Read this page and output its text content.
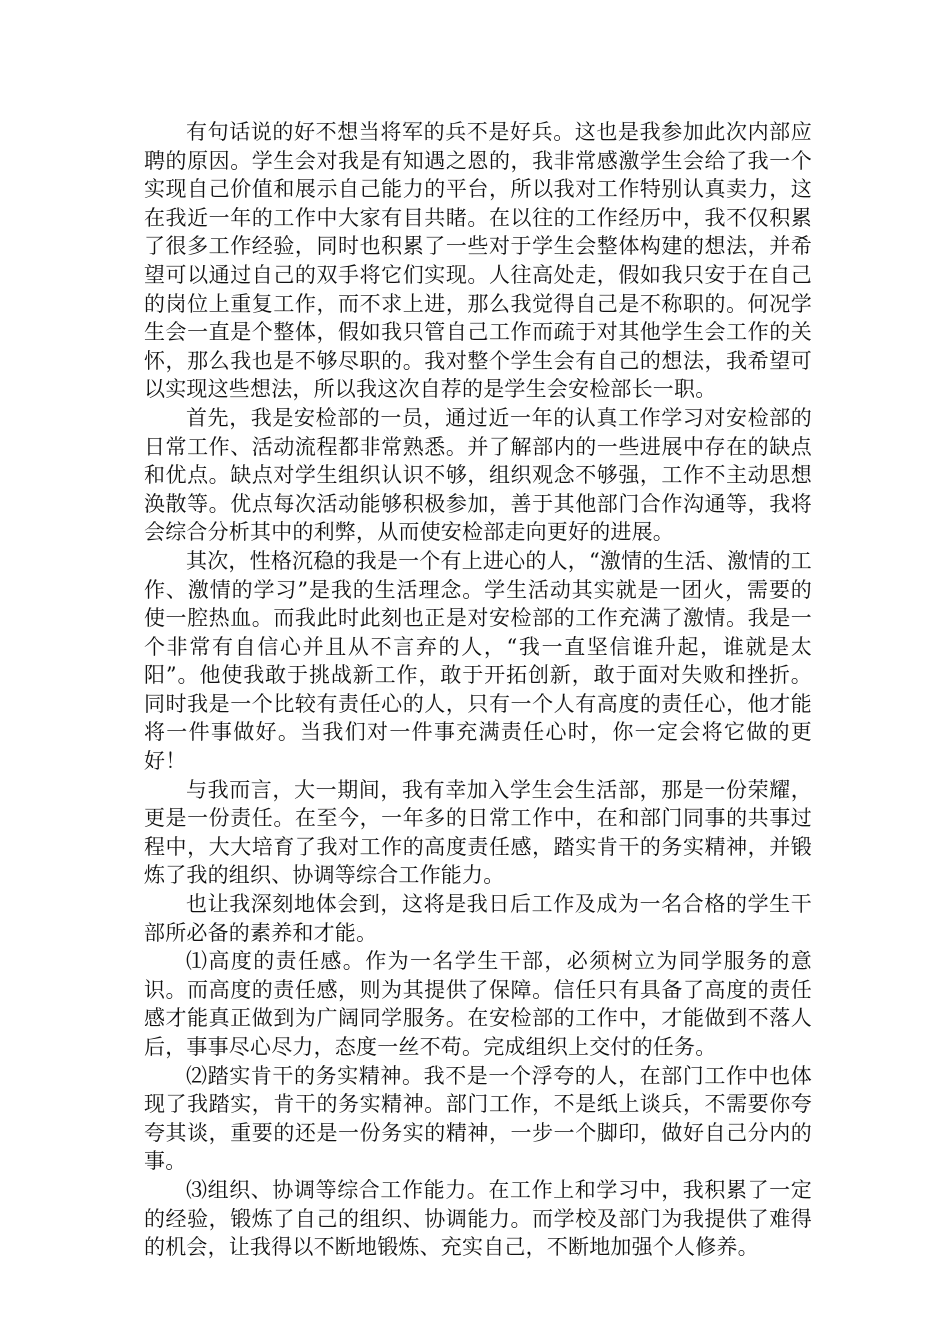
有句话说的好不想当将军的兵不是好兵。这也是我参加此次内部应聘的原因。学生会对我是有知遇之恩的，我非常感激学生会给了我一个实现自己价值和展示自己能力的平台，所以我对工作特别认真卖力，这在我近一年的工作中大家有目共睹。在以往的工作经历中，我不仅积累了很多工作经验，同时也积累了一些对于学生会整体构建的想法，并希望可以通过自己的双手将它们实现。人往高处走，假如我只安于在自己的岗位上重复工作，而不求上进，那么我觉得自己是不称职的。何况学生会一直是个整体，假如我只管自己工作而疏于对其他学生会工作的关怀，那么我也是不够尽职的。我对整个学生会有自己的想法，我希望可以实现这些想法，所以我这次自荐的是学生会安检部长一职。

首先，我是安检部的一员，通过近一年的认真工作学习对安检部的日常工作、活动流程都非常熟悉。并了解部内的一些进展中存在的缺点和优点。缺点对学生组织认识不够，组织观念不够强，工作不主动思想涣散等。优点每次活动能够积极参加，善于其他部门合作沟通等，我将会综合分析其中的利弊，从而使安检部走向更好的进展。

其次，性格沉稳的我是一个有上进心的人，“激情的生活、激情的工作、激情的学习”是我的生活理念。学生活动其实就是一团火，需要的使一腔热血。而我此时此刻也正是对安检部的工作充满了激情。我是一个非常有自信心并且从不言弃的人，“我一直坚信谁升起，谁就是太阳”。他使我敢于挑战新工作，敢于开拓创新，敢于面对失败和挫折。同时我是一个比较有责任心的人，只有一个人有高度的责任心，他才能将一件事做好。当我们对一件事充满责任心时，你一定会将它做的更好！

与我而言，大一期间，我有幸加入学生会生活部，那是一份荣耀，更是一份责任。在至今，一年多的日常工作中，在和部门同事的共事过程中，大大培育了我对工作的高度责任感，踏实肯干的务实精神，并锻炼了我的组织、协调等综合工作能力。

也让我深刻地体会到，这将是我日后工作及成为一名合格的学生干部所必备的素养和才能。

⑴高度的责任感。作为一名学生干部，必须树立为同学服务的意识。而高度的责任感，则为其提供了保障。信任只有具备了高度的责任感才能真正做到为广阔同学服务。在安检部的工作中，才能做到不落人后，事事尽心尽力，态度一丝不苟。完成组织上交付的任务。

⑵踏实肯干的务实精神。我不是一个浮夸的人，在部门工作中也体现了我踏实，肯干的务实精神。部门工作，不是纸上谈兵，不需要你夸夸其谈，重要的还是一份务实的精神，一步一个脚印，做好自己分内的事。

⑶组织、协调等综合工作能力。在工作上和学习中，我积累了一定的经验，锻炼了自己的组织、协调能力。而学校及部门为我提供了难得的机会，让我得以不断地锻炼、充实自己，不断地加强个人修养。
